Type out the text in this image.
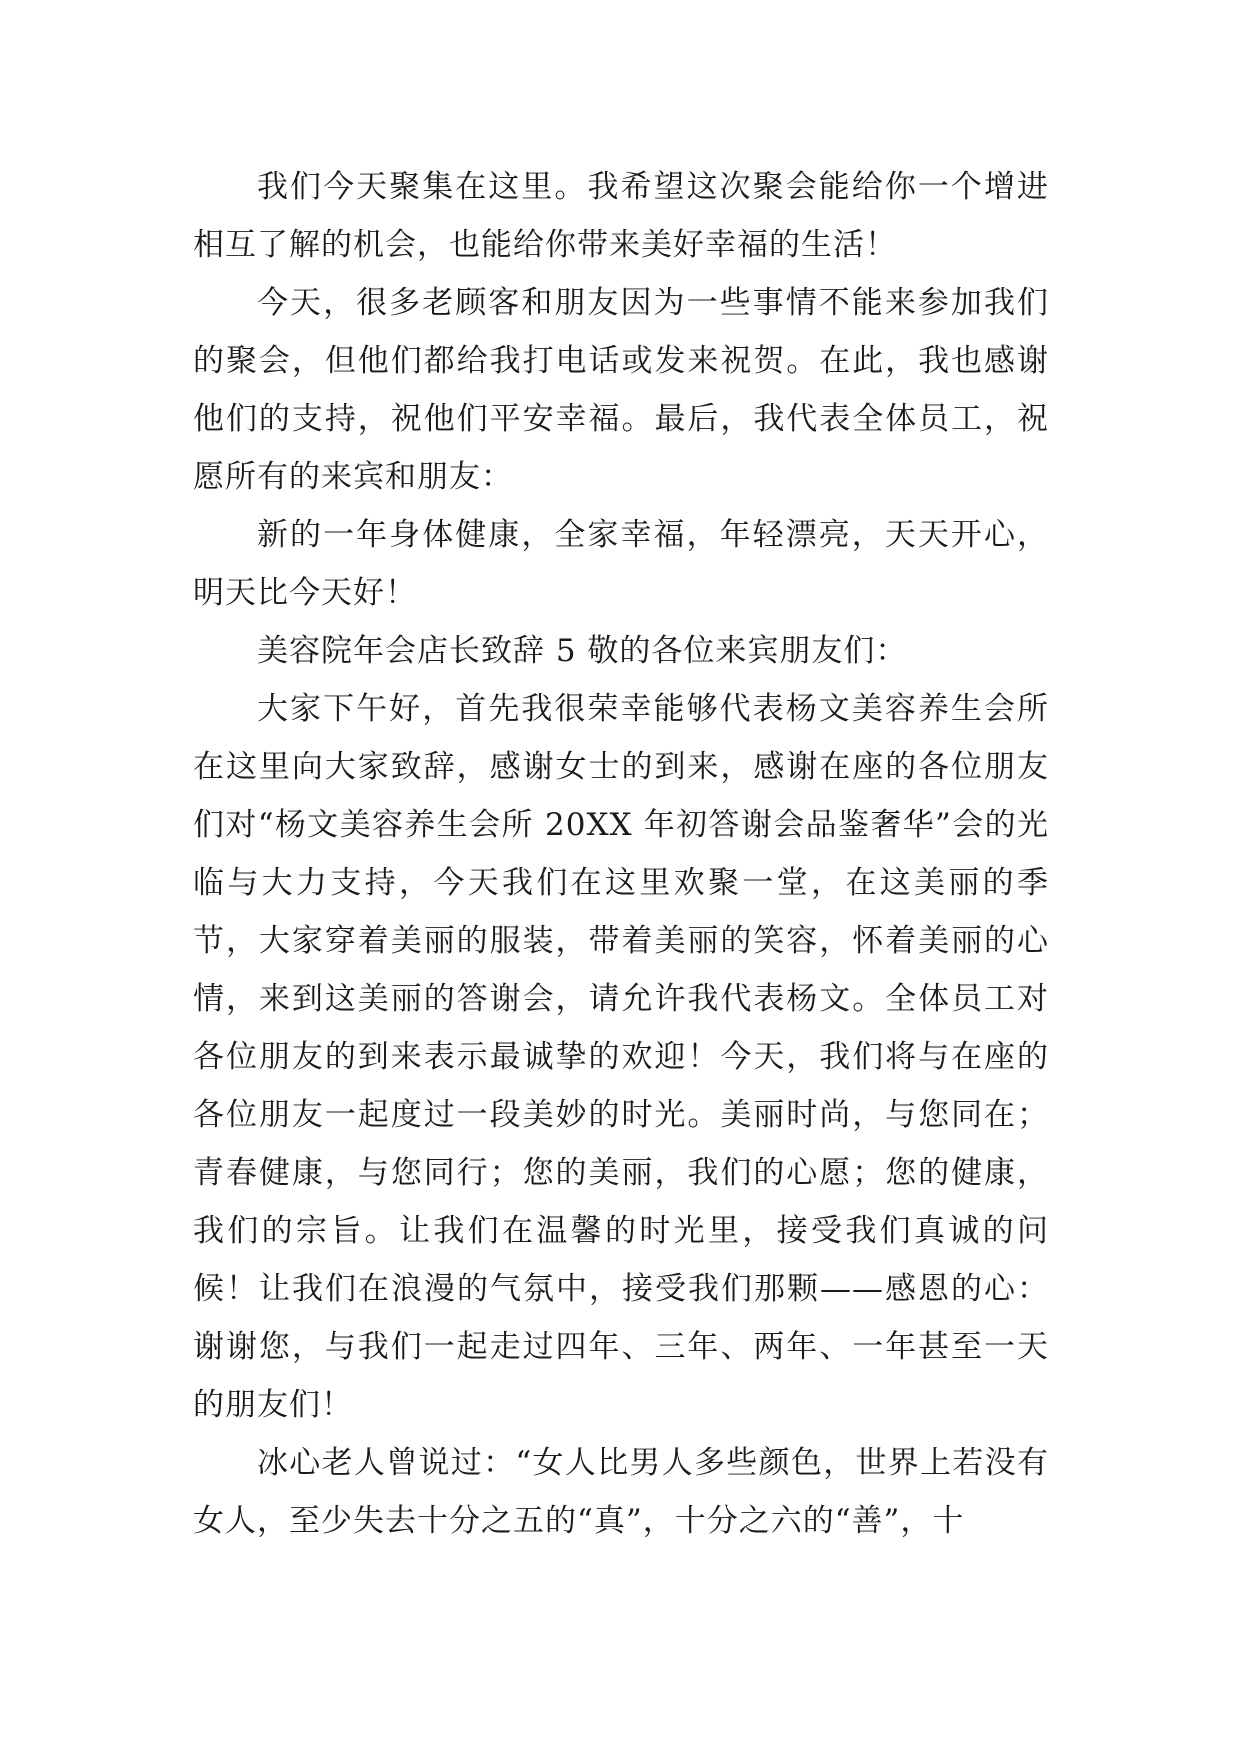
我们今天聚集在这里。我希望这次聚会能给你一个增进相互了解的机会，也能给你带来美好幸福的生活！

今天，很多老顾客和朋友因为一些事情不能来参加我们的聚会，但他们都给我打电话或发来祝贺。在此，我也感谢他们的支持，祝他们平安幸福。最后，我代表全体员工，祝愿所有的来宾和朋友：

新的一年身体健康，全家幸福，年轻漂亮，天天开心，明天比今天好！

美容院年会店长致辞 5 敬的各位来宾朋友们：

大家下午好，首先我很荣幸能够代表杨文美容养生会所在这里向大家致辞，感谢女士的到来，感谢在座的各位朋友们对“杨文美容养生会所 20XX 年初答谢会品鉴奢华”会的光临与大力支持，今天我们在这里欢聚一堂，在这美丽的季节，大家穿着美丽的服装，带着美丽的笑容，怀着美丽的心情，来到这美丽的答谢会，请允许我代表杨文。全体员工对各位朋友的到来表示最诚挚的欢迎！今天，我们将与在座的各位朋友一起度过一段美妙的时光。美丽时尚，与您同在；青春健康，与您同行；您的美丽，我们的心愿；您的健康，我们的宗旨。让我们在温馨的时光里，接受我们真诚的问候！让我们在浪漫的气氛中，接受我们那颗——感恩的心：谢谢您，与我们一起走过四年、三年、两年、一年甚至一天的朋友们！

冰心老人曾说过：“女人比男人多些颜色，世界上若没有女人，至少失去十分之五的“真”，十分之六的“善”，十
